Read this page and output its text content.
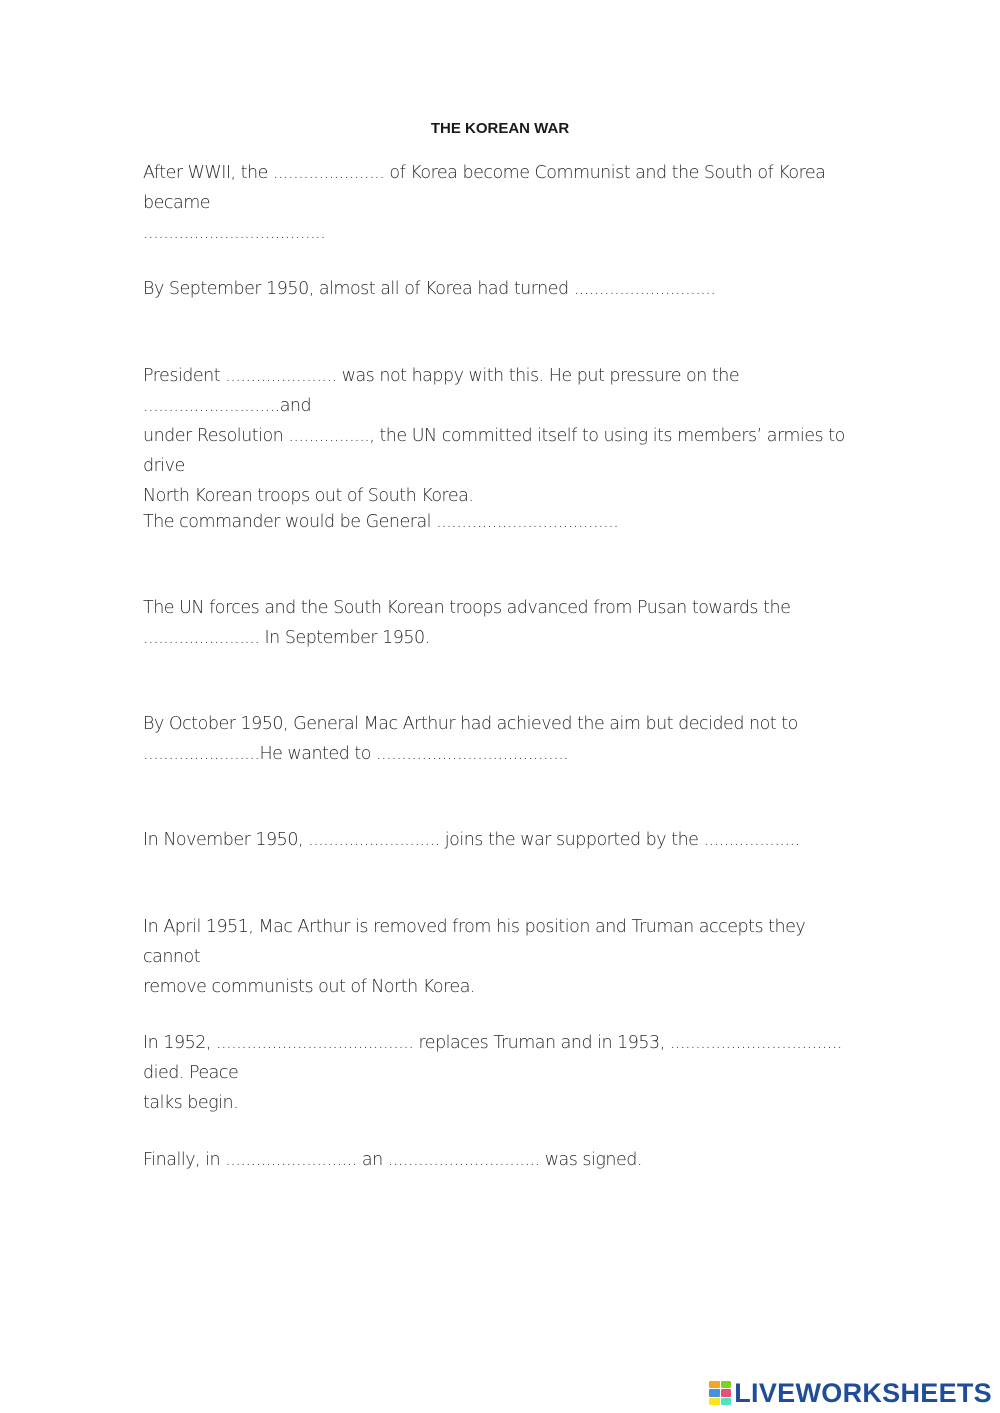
THE KOREAN WAR
After WWII, the ...................... of Korea become Communist and the South of Korea became
....................................
By September 1950, almost all of Korea had turned ............................
President ...................... was not happy with this. He put pressure on the ...........................and
under Resolution ................, the UN committed itself to using its members’ armies to drive
North Korean troops out of South Korea.
The commander would be General ....................................
The UN forces and the South Korean troops advanced from Pusan towards the
....................... In September 1950.
By October 1950, General Mac Arthur had achieved the aim but decided not to
.......................He wanted to ......................................
In November 1950, .......................... joins the war supported by the ...................
In April 1951, Mac Arthur is removed from his position and Truman accepts they cannot
remove communists out of North Korea.
In 1952, ....................................... replaces Truman and in 1953, .................................. died. Peace
talks begin.
Finally, in .......................... an .............................. was signed.
LIVEWORKSHEETS
